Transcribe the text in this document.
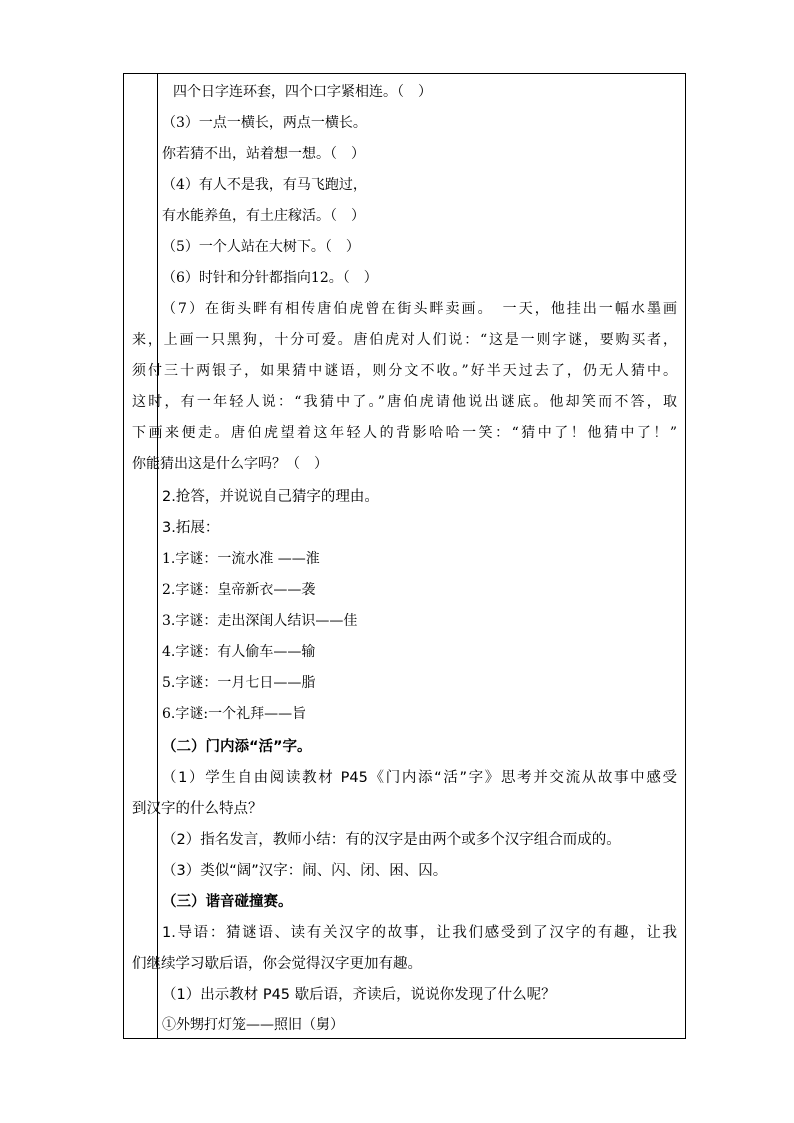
四个日字连环套，四个口字紧相连。（　）
（3）一点一横长，两点一横长。
你若猜不出，站着想一想。（　）
（4）有人不是我，有马飞跑过，
有水能养鱼，有土庄稼活。（　）
（5）一个人站在大树下。（　）
（6）时针和分针都指向12。（　）
（7）在街头畔有相传唐伯虎曾在街头畔卖画。　一天，他挂出一幅水墨画
来，上画一只黑狗，十分可爱。唐伯虎对人们说：“这是一则字谜，要购买者，
须付三十两银子，如果猜中谜语，则分文不收。”好半天过去了，仍无人猜中。
这时，有一年轻人说：“我猜中了。”唐伯虎请他说出谜底。他却笑而不答，取
下画来便走。唐伯虎望着这年轻人的背影哈哈一笑：“猜中了！他猜中了！”
你能猜出这是什么字吗？（　）
2.抢答，并说说自己猜字的理由。
3.拓展：
1.字谜：一流水准 ——淮
2.字谜：皇帝新衣——袭
3.字谜：走出深闺人结识——佳
4.字谜：有人偷车——输
5.字谜：一月七日——脂
6.字谜:一个礼拜——旨
（二）门内添“活”字。
（1）学生自由阅读教材 P45《门内添“活”字》思考并交流从故事中感受
到汉字的什么特点？
（2）指名发言，教师小结：有的汉字是由两个或多个汉字组合而成的。
（3）类似“阔”汉字：闹、闪、闭、困、囚。
（三）谐音碰撞赛。
1.导语：猜谜语、读有关汉字的故事，让我们感受到了汉字的有趣，让我
们继续学习歇后语，你会觉得汉字更加有趣。
（1）出示教材 P45 歇后语，齐读后，说说你发现了什么呢？
①外甥打灯笼——照旧（舅）
